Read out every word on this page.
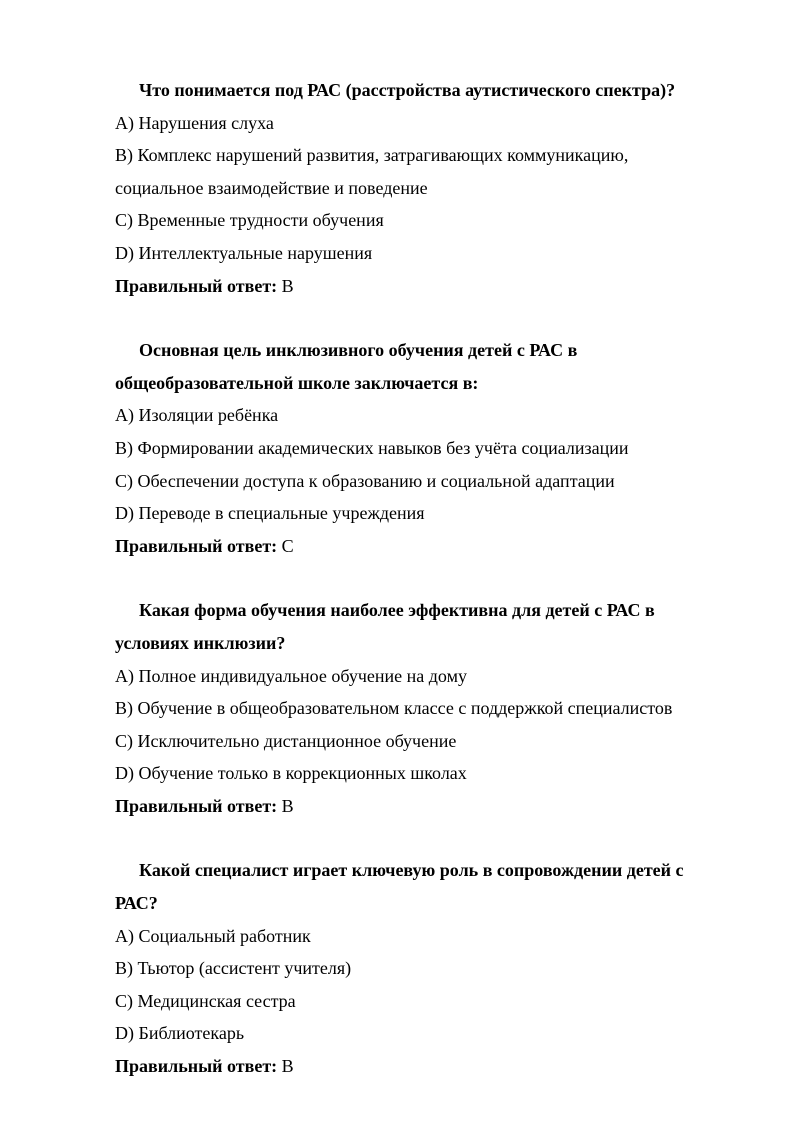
Что понимается под РАС (расстройства аутистического спектра)?

A) Нарушения слуха

B) Комплекс нарушений развития, затрагивающих коммуникацию, социальное взаимодействие и поведение

C) Временные трудности обучения

D) Интеллектуальные нарушения

Правильный ответ: B

Основная цель инклюзивного обучения детей с РАС в общеобразовательной школе заключается в:

A) Изоляции ребёнка

B) Формировании академических навыков без учёта социализации

C) Обеспечении доступа к образованию и социальной адаптации

D) Переводе в специальные учреждения

Правильный ответ: C

Какая форма обучения наиболее эффективна для детей с РАС в условиях инклюзии?

A) Полное индивидуальное обучение на дому

B) Обучение в общеобразовательном классе с поддержкой специалистов

C) Исключительно дистанционное обучение

D) Обучение только в коррекционных школах

Правильный ответ: B

Какой специалист играет ключевую роль в сопровождении детей с РАС?

A) Социальный работник

B) Тьютор (ассистент учителя)

C) Медицинская сестра

D) Библиотекарь

Правильный ответ: B
